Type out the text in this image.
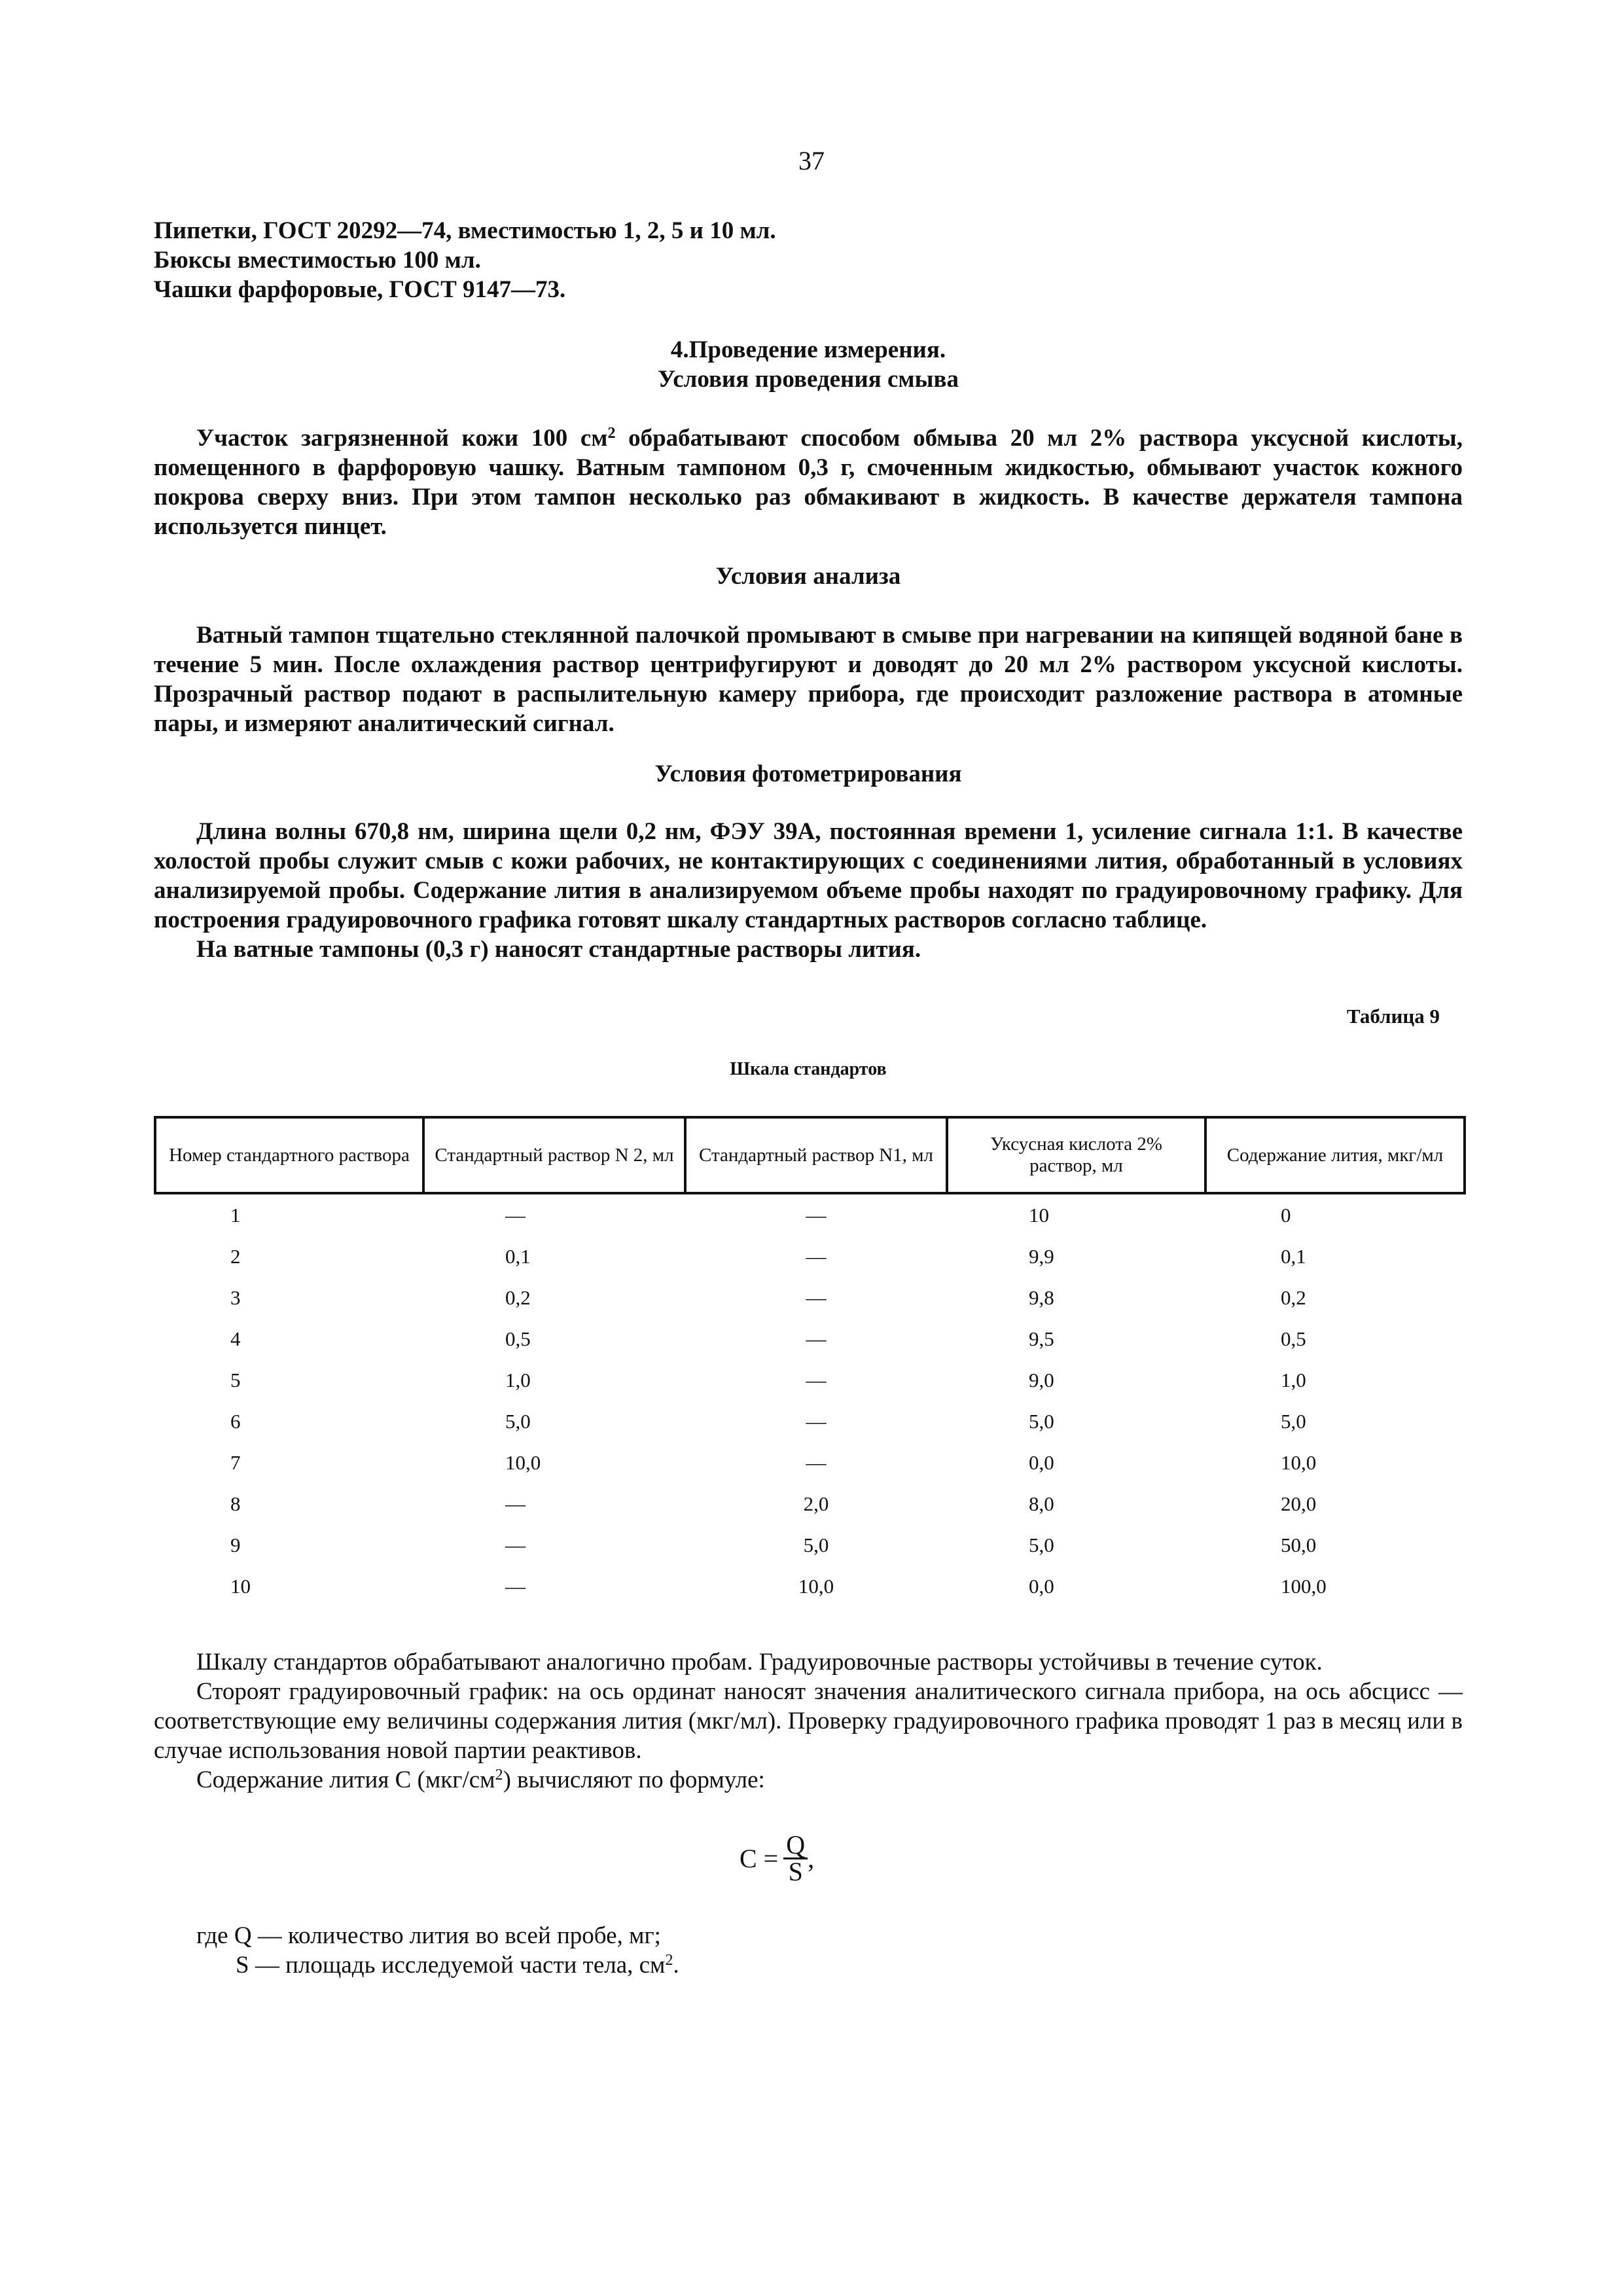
37

Пипетки, ГОСТ 20292—74, вместимостью 1, 2, 5 и 10 мл.

Бюксы вместимостью 100 мл.

Чашки фарфоровые, ГОСТ 9147—73.

4.Проведение измерения.
Условия проведения смыва

Участок загрязненной кожи 100 $см^2$ обрабатывают способом обмыва 20 мл 2% раствора уксусной кислоты, помещенного в фарфоровую чашку. Ватным тампоном 0,3 г, смоченным жидкостью, обмывают участок кожного покрова сверху вниз. При этом тампон несколько раз обмакивают в жидкость. В качестве держателя тампона используется пинцет.

Условия анализа

Ватный тампон тщательно стеклянной палочкой промывают в смыве при нагревании на кипящей водяной бане в течение 5 мин. После охлаждения раствор центрифугируют и доводят до 20 мл 2% раствором уксусной кислоты. Прозрачный раствор подают в распылительную камеру прибора, где происходит разложение раствора в атомные пары, и измеряют аналитический сигнал.

Условия фотометрирования

Длина волны 670,8 нм, ширина щели 0,2 нм, ФЭУ 39А, постоянная времени 1, усиление сигнала 1:1. В качестве холостой пробы служит смыв с кожи рабочих, не контактирующих с соединениями лития, обработанный в условиях анализируемой пробы. Содержание лития в анализируемом объеме пробы находят по градуировочному графику. Для построения градуировочного графика готовят шкалу стандартных растворов согласно таблице.

На ватные тампоны (0,3 г) наносят стандартные растворы лития.

Таблица 9
Шкала стандартов
Номер стандартного раствора	Стандартный раствор N 2, мл	Стандартный раствор N1, мл	Уксусная кислота 2% раствор, мл	Содержание лития, мкг/мл
1	—	—	10	0
2	0,1	—	9,9	0,1
3	0,2	—	9,8	0,2
4	0,5	—	9,5	0,5
5	1,0	—	9,0	1,0
6	5,0	—	5,0	5,0
7	10,0	—	0,0	10,0
8	—	2,0	8,0	20,0
9	—	5,0	5,0	50,0
10	—	10,0	0,0	100,0

Шкалу стандартов обрабатывают аналогично пробам. Градуировочные растворы устойчивы в течение суток.

Сторoят градуировочный график: на ось ординат наносят значения аналитического сигнала прибора, на ось абсцисс — соответствующие ему величины содержания лития (мкг/мл). Проверку градуировочного графика проводят 1 раз в месяц или в случае использования новой партии реактивов.

Содержание лития С $(мкг/см^2)$ вычисляют по формуле:

$С = \frac{Q}{S}$ ,

где Q — количество лития во всей пробе, мг;

S — площадь исследуемой части тела, $см^2$.
